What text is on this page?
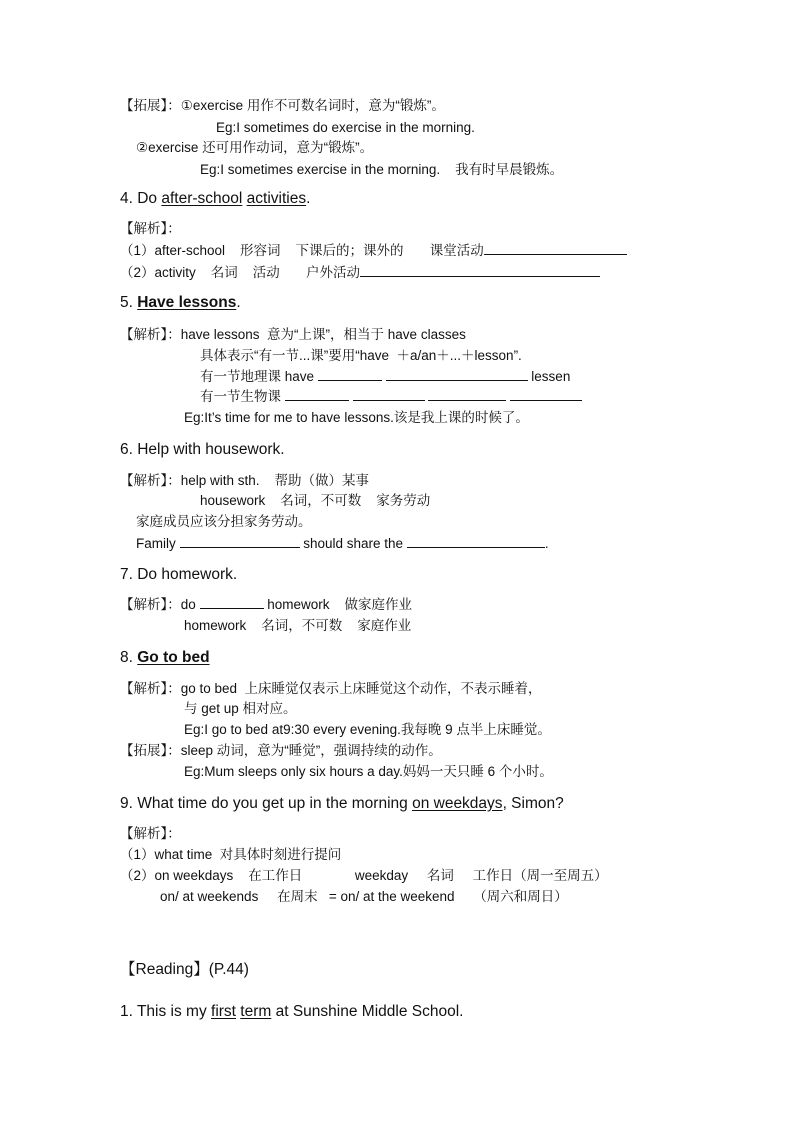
【拓展】：①exercise 用作不可数名词时，意为“锻炼”。
Eg:I sometimes do exercise in the morning.
②exercise 还可用作动词，意为“锻炼”。
Eg:I sometimes exercise in the morning.    我有时早晨锻炼。
4. Do after-school activities.
【解析】：
（1）after-school    形容词    下课后的；课外的       课堂活动
（2）activity    名词    活动       户外活动
5. Have lessons.
【解析】：have lessons  意为“上课”，相当于 have classes
具体表示“有一节...课”要用“have  ＋a/an＋...＋lesson”.
有一节地理课 have	lessen
有一节生物课
Eg:It’s time for me to have lessons.该是我上课的时候了。
6. Help with housework.
【解析】：help with sth.    帮助（做）某事
housework    名词，不可数    家务劳动
家庭成员应该分担家务劳动。
Family	should share the	.
7. Do homework.
【解析】：do	homework    做家庭作业
homework    名词，不可数    家庭作业
8. Go to bed
【解析】：go to bed  上床睡觉仅表示上床睡觉这个动作，不表示睡着，
与 get up 相对应。
Eg:I go to bed at9:30 every evening.我每晚 9 点半上床睡觉。
【拓展】：sleep 动词，意为“睡觉”，强调持续的动作。
Eg:Mum sleeps only six hours a day.妈妈一天只睡 6 个小时。
9. What time do you get up in the morning on weekdays, Simon?
【解析】：
（1）what time  对具体时刻进行提问
（2）on weekdays    在工作日              weekday     名词     工作日（周一至周五）
on/ at weekends     在周末   = on/ at the weekend     （周六和周日）
【Reading】(P.44)
1. This is my first term at Sunshine Middle School.
